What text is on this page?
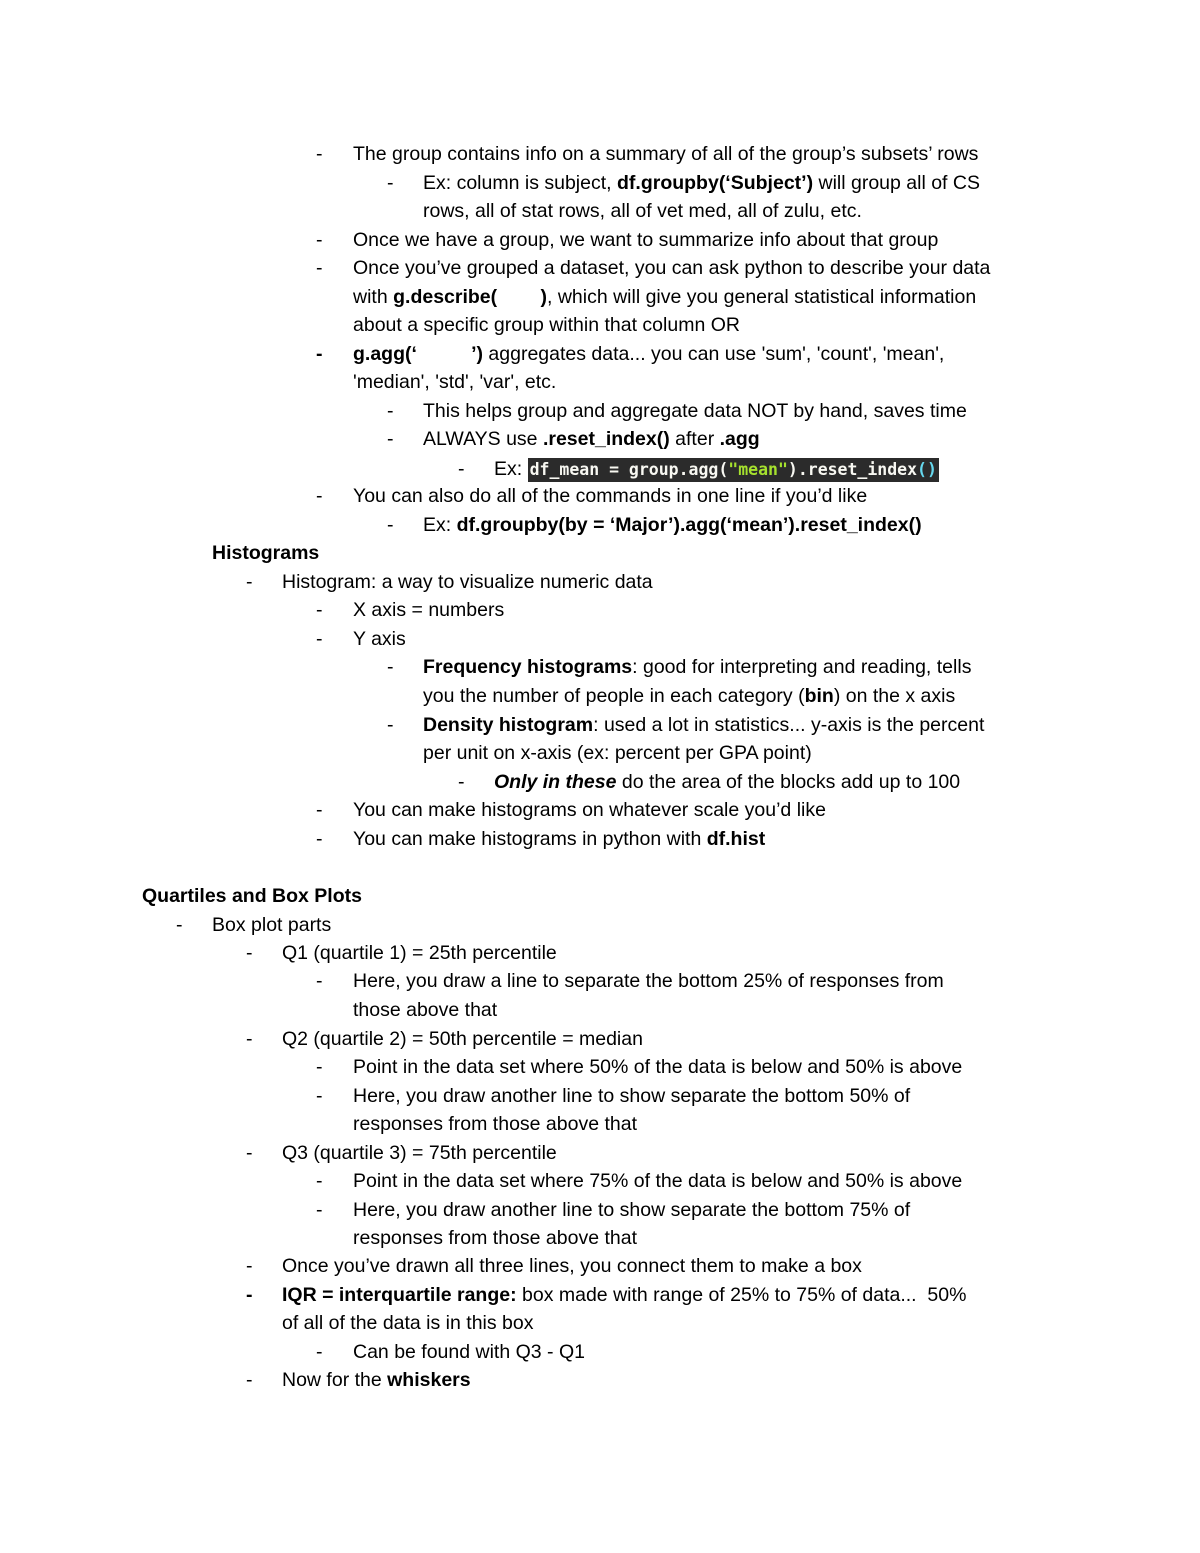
- The group contains info on a summary of all of the group’s subsets’ rows
- Ex: column is subject, df.groupby(‘Subject’) will group all of CS
rows, all of stat rows, all of vet med, all of zulu, etc.
- Once we have a group, we want to summarize info about that group
- Once you’ve grouped a dataset, you can ask python to describe your data
with g.describe(        ), which will give you general statistical information
about a specific group within that column OR
- g.agg(‘          ’) aggregates data... you can use 'sum', 'count', 'mean',
'median', 'std', 'var', etc.
- This helps group and aggregate data NOT by hand, saves time
- ALWAYS use .reset_index() after .agg
- Ex: df_mean = group.agg("mean").reset_index()
- You can also do all of the commands in one line if you’d like
- Ex: df.groupby(by = ‘Major’).agg(‘mean’).reset_index()
Histograms
- Histogram: a way to visualize numeric data
- X axis = numbers
- Y axis
- Frequency histograms: good for interpreting and reading, tells
you the number of people in each category (bin) on the x axis
- Density histogram: used a lot in statistics... y-axis is the percent
per unit on x-axis (ex: percent per GPA point)
- Only in these do the area of the blocks add up to 100
- You can make histograms on whatever scale you’d like
- You can make histograms in python with df.hist
Quartiles and Box Plots
- Box plot parts
- Q1 (quartile 1) = 25th percentile
- Here, you draw a line to separate the bottom 25% of responses from
those above that
- Q2 (quartile 2) = 50th percentile = median
- Point in the data set where 50% of the data is below and 50% is above
- Here, you draw another line to show separate the bottom 50% of
responses from those above that
- Q3 (quartile 3) = 75th percentile
- Point in the data set where 75% of the data is below and 50% is above
- Here, you draw another line to show separate the bottom 75% of
responses from those above that
- Once you’ve drawn all three lines, you connect them to make a box
- IQR = interquartile range: box made with range of 25% to 75% of data...  50%
of all of the data is in this box
- Can be found with Q3 - Q1
- Now for the whiskers
